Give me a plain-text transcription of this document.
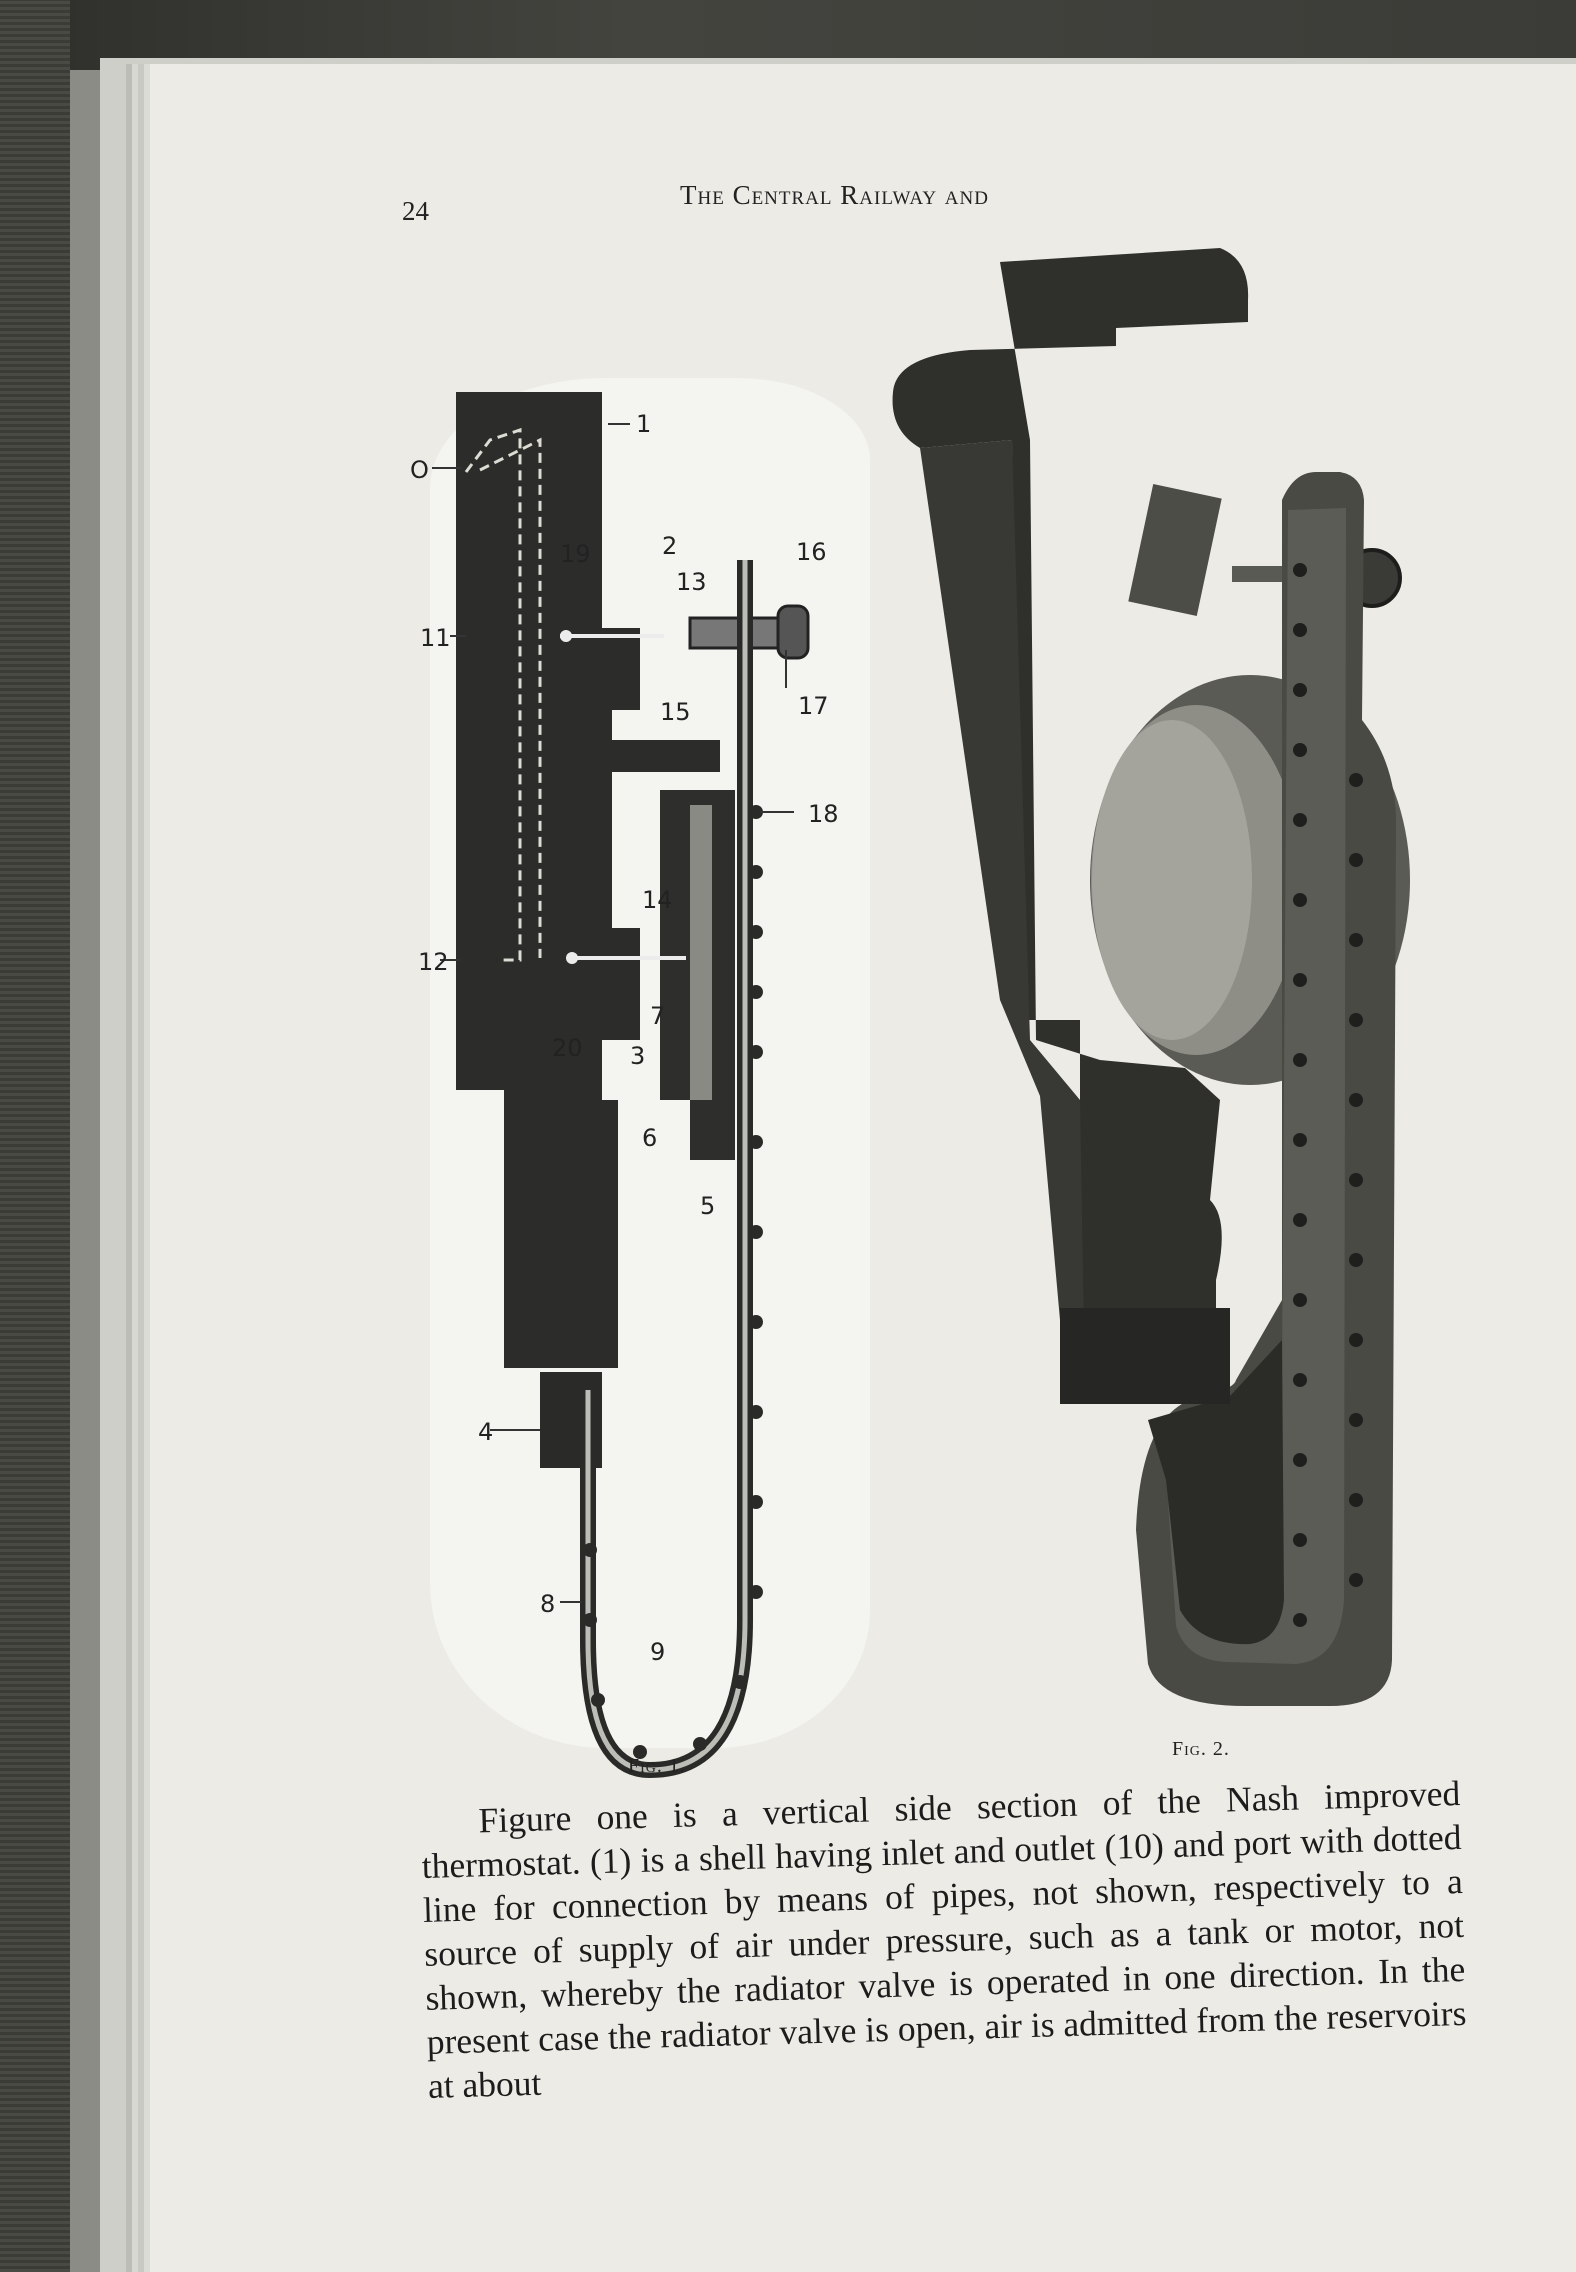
24
The Central Railway and
O
1
2
19
13
16
11
17
15
18
14
12
20 3
7
6
5
4
8
9
Fig. 1.
Fig. 2.

Figure one is a vertical side section of the Nash improved thermostat. (1) is a shell having inlet and outlet (10) and port with dotted line for connection by means of pipes, not shown, respectively to a source of supply of air under pressure, such as a tank or motor, not shown, whereby the radiator valve is operated in one direction. In the present case the radiator valve is open, air is admitted from the reservoirs at about
